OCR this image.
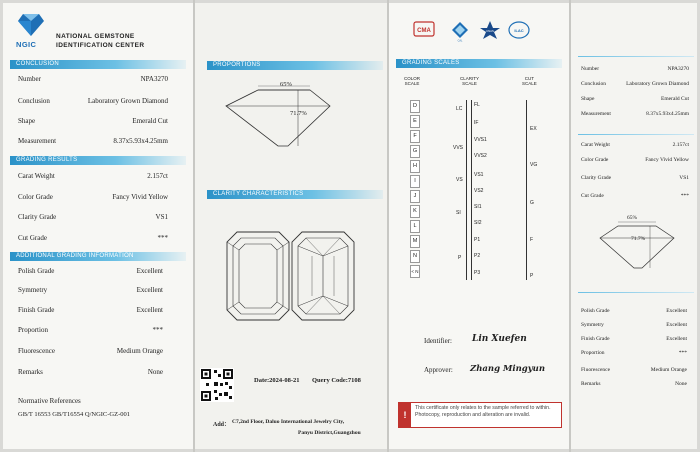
NGIC
NATIONAL GEMSTONE
IDENTIFICATION CENTER
CONCLUSION
Number	NPA3270
Conclusion	Laboratory Grown Diamond
Shape	Emerald Cut
Measurement	8.37x5.93x4.25mm
GRADING RESULTS
Carat Weight	2.157ct
Color Grade	Fancy Vivid Yellow
Clarity Grade	VS1
Cut Grade	***
ADDITIONAL GRADING INFORMATION
Polish Grade	Excellent
Symmetry	Excellent
Finish Grade	Excellent
Proportion	***
Fluorescence	Medium Orange
Remarks	None
Normative References
GB/T 16553 GB/T16554 Q/NGIC-GZ-001
PROPORTIONS
65%
71.7%
CLARITY CHARACTERISTICS
Date:2024-08-21 Query Code:7108
Add： C7,2nd Floor, Daluo International Jewelry City,
Panyu District,Guangzhou
CMA
CAL
CNAS	ILAC
GRADING SCALES
COLOR
SCALE
CLARITY
SCALE
CUT
SCALE
D
E
F
G
H
I
J
K
L
M
N
< N
LC
VVS
VS
SI
P
FL
IF
VVS1
VVS2
VS1
VS2
SI1
SI2
P1
P2
P3
EX
VG
G
F
P
Identifier: Lin Xuefen
Approver: Zhang Mingyun
!
This certificate only relates to the sample referred to within. Photocopy, reproduction and alteration are invalid.
Number	NPA3270
Conclusion	Laboratory Grown Diamond
Shape	Emerald Cut
Measurement	8.37x5.93x4.25mm
Carat Weight	2.157ct
Color Grade	Fancy Vivid Yellow
Clarity Grade	VS1
Cut Grade	***
65%
71.7%
Polish Grade	Excellent
Symmetry	Excellent
Finish Grade	Excellent
Proportion	***
Fluorescence	Medium Orange
Remarks	None
